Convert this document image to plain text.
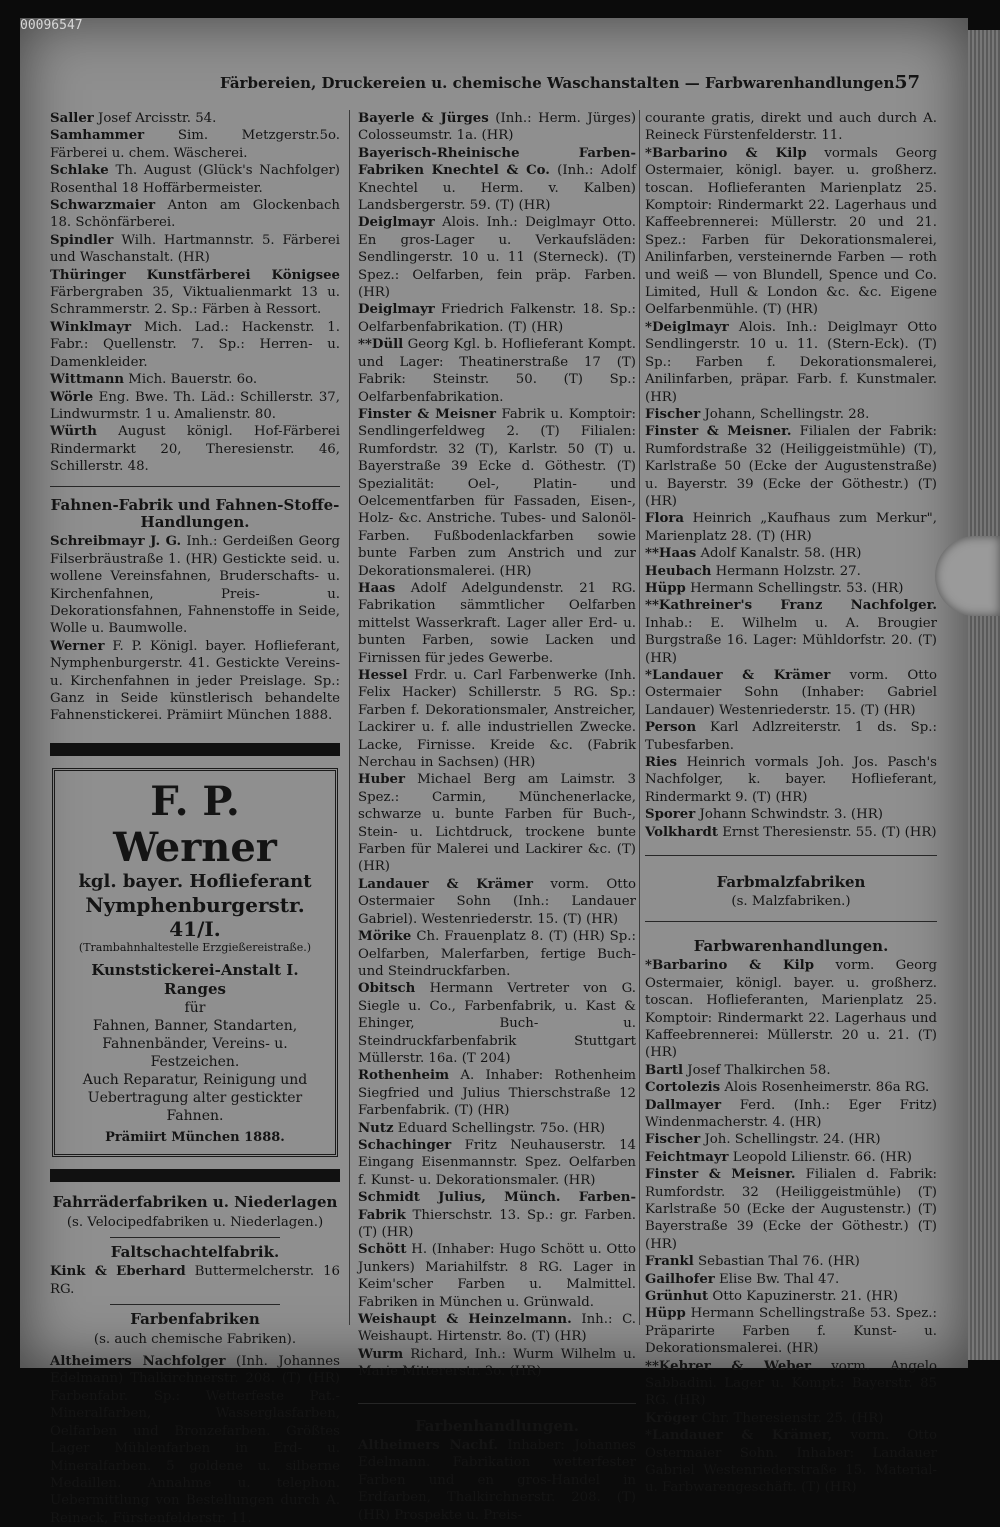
00096547
Färbereien, Druckereien u. chemische Waschanstalten — Farbwarenhandlungen.
57

Saller Josef Arcisstr. 54.

Samhammer	Sim. Metzgerstr.5o. Färberei u. chem. Wäscherei.

Schlake Th. August (Glück's Nachfolger) Rosenthal 18 Hoffärbermeister.

Schwarzmaier Anton am Glockenbach 18. Schönfärberei.

Spindler Wilh. Hartmannstr. 5. Färberei und Waschanstalt. (HR)

Thüringer Kunstfärberei Königsee Färbergraben 35, Viktualienmarkt 13 u. Schrammerstr. 2. Sp.: Färben à Ressort.

Winklmayr Mich. Lad.: Hackenstr. 1. Fabr.: Quellenstr. 7. Sp.: Herren- u. Damenkleider.

Wittmann Mich. Bauerstr. 6o.

Wörle Eng. Bwe. Th. Läd.: Schillerstr. 37, Lindwurmstr. 1 u. Amalienstr. 80.

Würth August königl. Hof-Färberei Rindermarkt 20, Theresienstr. 46, Schillerstr. 48.

Fahnen-Fabrik und Fahnen-Stoffe-Handlungen.

Schreibmayr J. G. Inh.: Gerdeißen Georg Filserbräustraße 1. (HR) Gestickte seid. u. wollene Vereinsfahnen, Bruderschafts- u. Kirchenfahnen, Preis- u. Dekorationsfahnen, Fahnenstoffe in Seide, Wolle u. Baumwolle.

Werner F. P. Königl. bayer. Hoflieferant, Nymphenburgerstr. 41. Gestickte Vereins- u. Kirchenfahnen in jeder Preislage. Sp.: Ganz in Seide künstlerisch behandelte Fahnenstickerei. Prämiirt München 1888.

F. P. Werner
kgl. bayer. Hoflieferant
Nymphenburgerstr. 41/I.
(Trambahnhaltestelle Erzgießereistraße.)
Kunststickerei-Anstalt I. Ranges
für
Fahnen, Banner, Standarten, Fahnenbänder, Vereins- u. Festzeichen.
Auch Reparatur, Reinigung und Uebertragung alter gestickter Fahnen.
Prämiirt München 1888.
Fahrräderfabriken u. Niederlagen
(s. Velocipedfabriken u. Niederlagen.)
Faltschachtelfabrik.

Kink & Eberhard Buttermelcherstr. 16 RG.

Farbenfabriken
(s. auch chemische Fabriken).

Altheimers Nachfolger (Inh. Johannes Edelmann) Thalkirchnerstr. 208. (T) (HR) Farbenfabr. Sp.: Wetterfeste Pat.-Mineralfarben, Wasserglasfarben, Oelfarben und Bronzefarben. Größtes Lager Mühlenfarben in Erd- u. Mineralfarben. 5 goldene u. silberne Medaillen. Annahme u. telephon. Uebermittlung von Bestellungen durch A. Reineck, Fürstenfelderstr. 11.

Bayerle & Jürges (Inh.: Herm. Jürges) Colosseumstr. 1a. (HR)

Bayerisch-Rheinische Farben-Fabriken Knechtel & Co. (Inh.: Adolf Knechtel u. Herm. v. Kalben) Landsbergerstr. 59. (T) (HR)

Deiglmayr Alois. Inh.: Deiglmayr Otto. En gros-Lager u. Verkaufsläden: Sendlingerstr. 10 u. 11 (Sterneck). (T) Spez.: Oelfarben, fein präp. Farben. (HR)

Deiglmayr Friedrich Falkenstr. 18. Sp.: Oelfarbenfabrikation. (T) (HR)

**Düll Georg Kgl. b. Hoflieferant Kompt. und Lager: Theatinerstraße 17 (T) Fabrik: Steinstr. 50. (T) Sp.: Oelfarbenfabrikation.

Finster & Meisner Fabrik u. Komptoir: Sendlingerfeldweg 2. (T) Filialen: Rumfordstr. 32 (T), Karlstr. 50 (T) u. Bayerstraße 39 Ecke d. Göthestr. (T) Spezialität: Oel-, Platin- und Oelcementfarben für Fassaden, Eisen-, Holz- &c. Anstriche. Tubes- und Salonöl-Farben. Fußbodenlackfarben sowie bunte Farben zum Anstrich und zur Dekorationsmalerei. (HR)

Haas Adolf Adelgundenstr. 21 RG. Fabrikation sämmtlicher Oelfarben mittelst Wasserkraft. Lager aller Erd- u. bunten Farben, sowie Lacken und Firnissen für jedes Gewerbe.

Hessel Frdr. u. Carl Farbenwerke (Inh. Felix Hacker) Schillerstr. 5 RG. Sp.: Farben f. Dekorationsmaler, Anstreicher, Lackirer u. f. alle industriellen Zwecke. Lacke, Firnisse. Kreide &c. (Fabrik Nerchau in Sachsen) (HR)

Huber Michael Berg am Laimstr. 3 Spez.: Carmin, Münchenerlacke, schwarze u. bunte Farben für Buch-, Stein- u. Lichtdruck, trockene bunte Farben für Malerei und Lackirer &c. (T) (HR)

Landauer & Krämer vorm. Otto Ostermaier Sohn (Inh.: Landauer Gabriel). Westenriederstr. 15. (T) (HR)

Mörike Ch. Frauenplatz 8. (T) (HR) Sp.: Oelfarben, Malerfarben, fertige Buch- und Steindruckfarben.

Obitsch Hermann Vertreter von G. Siegle u. Co., Farbenfabrik, u. Kast & Ehinger, Buch- u. Steindruckfarbenfabrik Stuttgart Müllerstr. 16a. (T 204)

Rothenheim A. Inhaber: Rothenheim Siegfried und Julius Thierschstraße 12 Farbenfabrik. (T) (HR)

Nutz Eduard Schellingstr. 75o. (HR)

Schachinger Fritz Neuhauserstr. 14 Eingang Eisenmannstr. Spez. Oelfarben f. Kunst- u. Dekorationsmaler. (HR)

Schmidt Julius, Münch. Farben-Fabrik Thierschstr. 13. Sp.: gr. Farben. (T) (HR)

Schött H. (Inhaber: Hugo Schött u. Otto Junkers) Mariahilfstr. 8 RG. Lager in Keim'scher Farben u. Malmittel. Fabriken in München u. Grünwald.

Weishaupt & Heinzelmann. Inh.: C. Weishaupt. Hirtenstr. 8o. (T) (HR)

Wurm Richard, Inh.: Wurm Wilhelm u. Marie Mittererstr. 3o. (HR)

Farbenhandlungen.

Altheimers Nachf. Inhaber: Johannes Edelmann. Fabrikation wetterfester Farben und en gros-Handel in Erdfarben, Thalkirchnerstr. 208. (T) (HR) Prospekte u. Preis-

courante gratis, direkt und auch durch A. Reineck Fürstenfelderstr. 11.

*Barbarino & Kilp vormals Georg Ostermaier, königl. bayer. u. großherz. toscan. Hoflieferanten Marienplatz 25. Komptoir: Rindermarkt 22. Lagerhaus und Kaffeebrennerei: Müllerstr. 20 und 21. Spez.: Farben für Dekorationsmalerei, Anilinfarben, versteinernde Farben — roth und weiß — von Blundell, Spence und Co. Limited, Hull & London &c. &c. Eigene Oelfarbenmühle. (T) (HR)

*Deiglmayr Alois. Inh.: Deiglmayr Otto Sendlingerstr. 10 u. 11. (Stern-Eck). (T) Sp.: Farben f. Dekorationsmalerei, Anilinfarben, präpar. Farb. f. Kunstmaler. (HR)

Fischer Johann, Schellingstr. 28.

Finster & Meisner. Filialen der Fabrik: Rumfordstraße 32 (Heiliggeistmühle) (T), Karlstraße 50 (Ecke der Augustenstraße) u. Bayerstr. 39 (Ecke der Göthestr.) (T) (HR)

Flora Heinrich „Kaufhaus zum Merkur", Marienplatz 28. (T) (HR)

**Haas Adolf Kanalstr. 58. (HR)

Heubach Hermann Holzstr. 27.

Hüpp Hermann Schellingstr. 53. (HR)

**Kathreiner's Franz Nachfolger. Inhab.: E. Wilhelm u. A. Brougier Burgstraße 16. Lager: Mühldorfstr. 20. (T) (HR)

*Landauer & Krämer vorm. Otto Ostermaier Sohn (Inhaber: Gabriel Landauer) Westenriederstr. 15. (T) (HR)

Person Karl Adlzreiterstr. 1 ds. Sp.: Tubesfarben.

Ries Heinrich vormals Joh. Jos. Pasch's Nachfolger, k. bayer. Hoflieferant, Rindermarkt 9. (T) (HR)

Sporer Johann Schwindstr. 3. (HR)

Volkhardt Ernst Theresienstr. 55. (T) (HR)

Farbmalzfabriken
(s. Malzfabriken.)
Farbwarenhandlungen.

*Barbarino & Kilp vorm. Georg Ostermaier, königl. bayer. u. großherz. toscan. Hoflieferanten, Marienplatz 25. Komptoir: Rindermarkt 22. Lagerhaus und Kaffeebrennerei: Müllerstr. 20 u. 21. (T) (HR)

Bartl Josef Thalkirchen 58.

Cortolezis Alois Rosenheimerstr. 86a RG.

Dallmayer Ferd. (Inh.: Eger Fritz) Windenmacherstr. 4. (HR)

Fischer Joh. Schellingstr. 24. (HR)

Feichtmayr Leopold Lilienstr. 66. (HR)

Finster & Meisner. Filialen d. Fabrik: Rumfordstr. 32 (Heiliggeistmühle) (T) Karlstraße 50 (Ecke der Augustenstr.) (T) Bayerstraße 39 (Ecke der Göthestr.) (T) (HR)

Frankl Sebastian Thal 76. (HR)

Gailhofer Elise Bw. Thal 47.

Grünhut Otto Kapuzinerstr. 21. (HR)

Hüpp Hermann Schellingstraße 53. Spez.: Präparirte Farben f. Kunst- u. Dekorationsmalerei. (HR)

**Kehrer & Weber vorm. Angelo Sabbadini. Lager u. Kompt.: Bayerstr. 85 RG. (HR)

Kröger Chr. Theresienstr. 25. (HR)

*Landauer & Krämer, vorm. Otto Ostermaier Sohn. Inhaber: Landauer Gabriel Westenriederstraße 15. Material- u. Farbwarengeschäft. (T) (HR)
